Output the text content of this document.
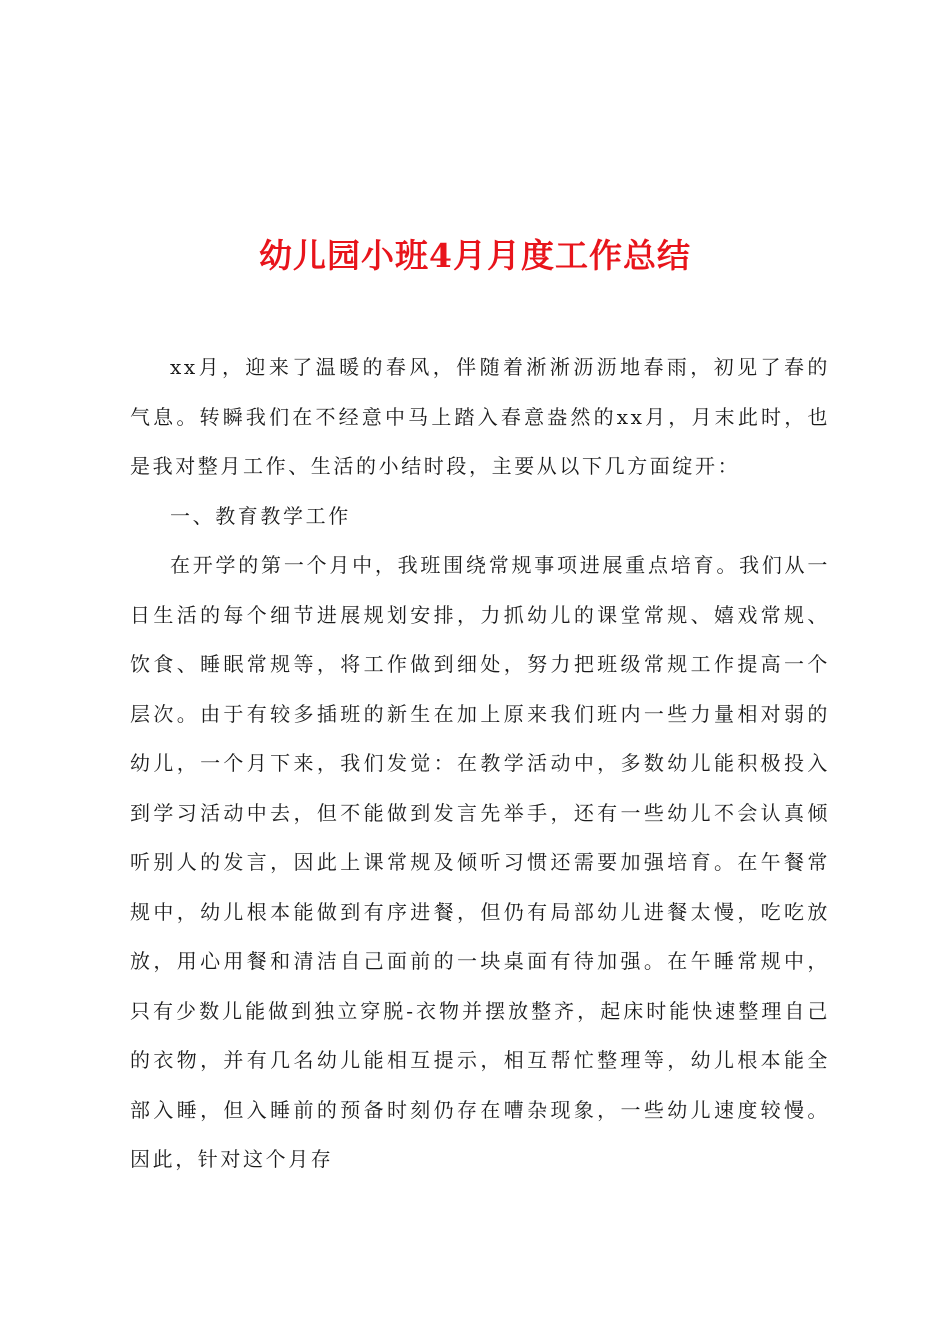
幼儿园小班4月月度工作总结

xx月，迎来了温暖的春风，伴随着淅淅沥沥地春雨，初见了春的气息。转瞬我们在不经意中马上踏入春意盎然的xx月，月末此时，也是我对整月工作、生活的小结时段，主要从以下几方面绽开：

一、教育教学工作

在开学的第一个月中，我班围绕常规事项进展重点培育。我们从一日生活的每个细节进展规划安排，力抓幼儿的课堂常规、嬉戏常规、饮食、睡眠常规等，将工作做到细处，努力把班级常规工作提高一个层次。由于有较多插班的新生在加上原来我们班内一些力量相对弱的幼儿，一个月下来，我们发觉：在教学活动中，多数幼儿能积极投入到学习活动中去，但不能做到发言先举手，还有一些幼儿不会认真倾听别人的发言，因此上课常规及倾听习惯还需要加强培育。在午餐常规中，幼儿根本能做到有序进餐，但仍有局部幼儿进餐太慢，吃吃放放，用心用餐和清洁自己面前的一块桌面有待加强。在午睡常规中，只有少数儿能做到独立穿脱-衣物并摆放整齐，起床时能快速整理自己的衣物，并有几名幼儿能相互提示，相互帮忙整理等，幼儿根本能全部入睡，但入睡前的预备时刻仍存在嘈杂现象，一些幼儿速度较慢。因此，针对这个月存
